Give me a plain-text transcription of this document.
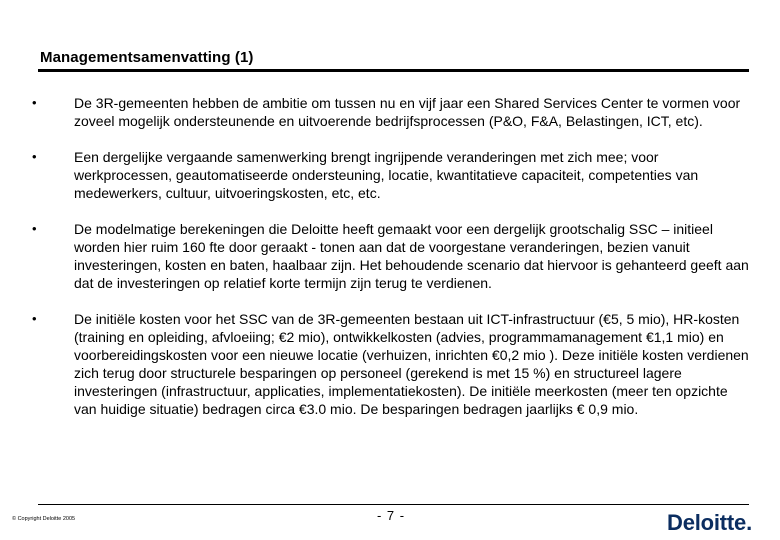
Managementsamenvatting (1)
•	De 3R-gemeenten hebben de ambitie om tussen nu en vijf jaar een Shared Services Center te vormen voor zoveel mogelijk ondersteunende en uitvoerende bedrijfsprocessen (P&O, F&A, Belastingen, ICT, etc).
•	Een dergelijke vergaande samenwerking brengt ingrijpende veranderingen met zich mee; voor werkprocessen, geautomatiseerde ondersteuning, locatie, kwantitatieve capaciteit, competenties van medewerkers, cultuur, uitvoeringskosten, etc, etc.
•	De modelmatige berekeningen die Deloitte heeft gemaakt voor een dergelijk grootschalig SSC – initieel worden hier ruim 160 fte door geraakt - tonen aan dat de voorgestane veranderingen, bezien vanuit investeringen, kosten en baten, haalbaar zijn. Het behoudende scenario dat hiervoor is gehanteerd geeft aan dat de investeringen op relatief korte termijn zijn terug te verdienen.
•	De initiële kosten voor het SSC van de 3R-gemeenten bestaan uit ICT-infrastructuur (€5, 5 mio), HR-kosten (training en opleiding, afvloeiing; €2 mio), ontwikkelkosten (advies, programmamanagement €1,1 mio) en voorbereidingskosten voor een nieuwe locatie (verhuizen, inrichten €0,2 mio ). Deze initiële kosten verdienen zich terug door structurele besparingen op personeel (gerekend is met 15 %) en structureel lagere investeringen (infrastructuur, applicaties, implementatiekosten). De initiële meerkosten (meer ten opzichte van huidige situatie) bedragen circa €3.0 mio. De besparingen bedragen jaarlijks € 0,9 mio.
© Copyright Deloitte 2005	- 7 -	Deloitte.
